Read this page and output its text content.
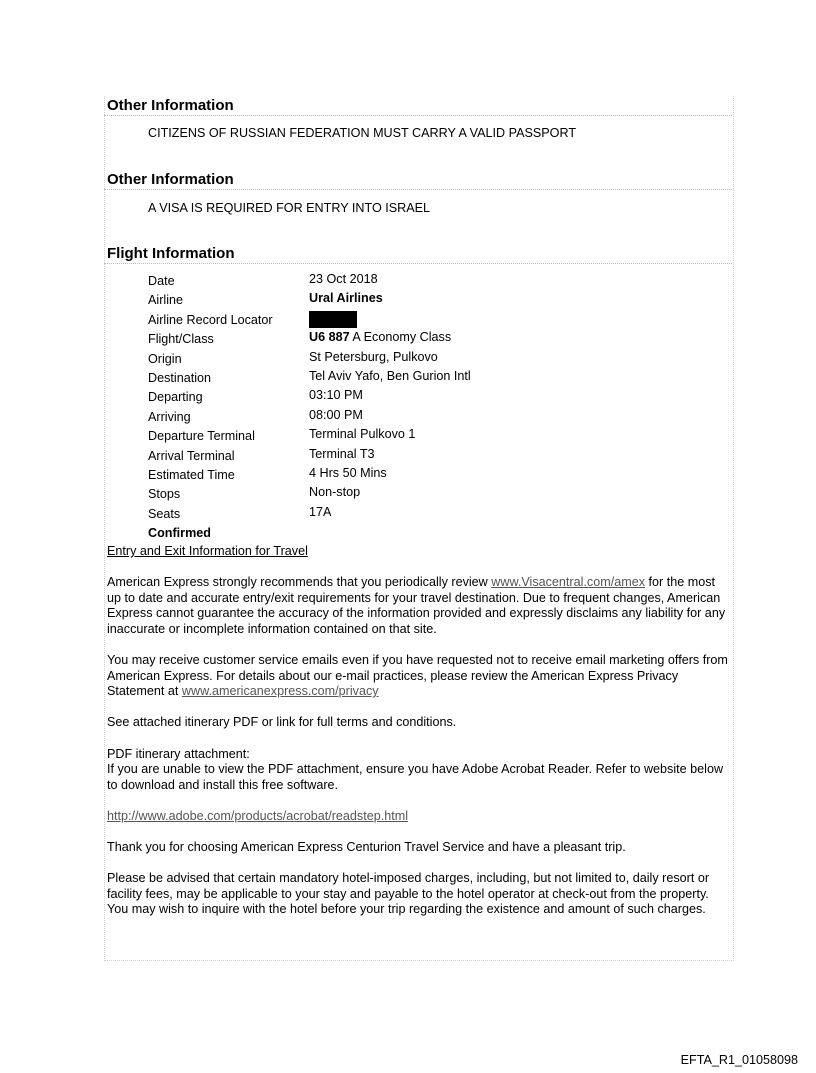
Other Information
CITIZENS OF RUSSIAN FEDERATION MUST CARRY A VALID PASSPORT
Other Information
A VISA IS REQUIRED FOR ENTRY INTO ISRAEL
Flight Information
Date	23 Oct 2018
Airline	Ural Airlines
Airline Record Locator
Flight/Class	U6 887 A Economy Class
Origin	St Petersburg, Pulkovo
Destination	Tel Aviv Yafo, Ben Gurion Intl
Departing	03:10 PM
Arriving	08:00 PM
Departure Terminal	Terminal Pulkovo 1
Arrival Terminal	Terminal T3
Estimated Time	4 Hrs 50 Mins
Stops	Non-stop
Seats	17A
Confirmed
Entry and Exit Information for Travel

American Express strongly recommends that you periodically review www.Visacentral.com/amex for the most up to date and accurate entry/exit requirements for your travel destination. Due to frequent changes, American Express cannot guarantee the accuracy of the information provided and expressly disclaims any liability for any inaccurate or incomplete information contained on that site.

You may receive customer service emails even if you have requested not to receive email marketing offers from American Express. For details about our e-mail practices, please review the American Express Privacy Statement at www.americanexpress.com/privacy

See attached itinerary PDF or link for full terms and conditions.

PDF itinerary attachment:
If you are unable to view the PDF attachment, ensure you have Adobe Acrobat Reader. Refer to website below to download and install this free software.

http://www.adobe.com/products/acrobat/readstep.html

Thank you for choosing American Express Centurion Travel Service and have a pleasant trip.

Please be advised that certain mandatory hotel-imposed charges, including, but not limited to, daily resort or facility fees, may be applicable to your stay and payable to the hotel operator at check-out from the property. You may wish to inquire with the hotel before your trip regarding the existence and amount of such charges.

EFTA_R1_01058098
